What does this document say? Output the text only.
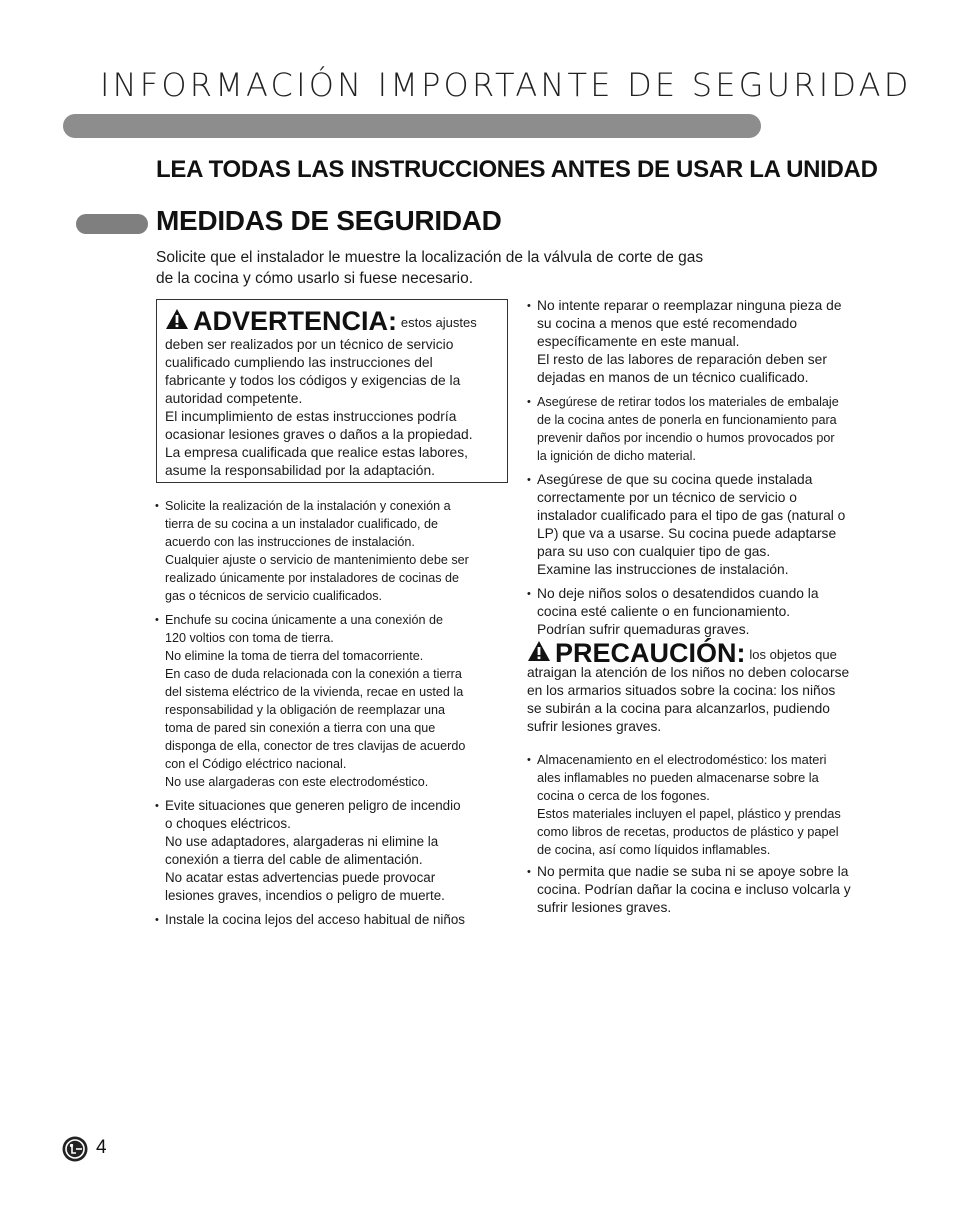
INFORMACIÓN IMPORTANTE DE SEGURIDAD
LEA TODAS LAS INSTRUCCIONES ANTES DE USAR LA UNIDAD
MEDIDAS DE SEGURIDAD
Solicite que el instalador le muestre la localización de la válvula de corte de gas
de la cocina y cómo usarlo si fuese necesario.
ADVERTENCIA: estos ajustes
deben ser realizados por un técnico de servicio
cualificado cumpliendo las instrucciones del
fabricante y todos los códigos y exigencias de la
autoridad competente.
El incumplimiento de estas instrucciones podría
ocasionar lesiones graves o daños a la propiedad.
La empresa cualificada que realice estas labores,
asume la responsabilidad por la adaptación.
• Solicite la realización de la instalación y conexión a
tierra de su cocina a un instalador cualificado, de
acuerdo con las instrucciones de instalación.
Cualquier ajuste o servicio de mantenimiento debe ser
realizado únicamente por instaladores de cocinas de
gas o técnicos de servicio cualificados.
• Enchufe su cocina únicamente a una conexión de
120 voltios con toma de tierra.
No elimine la toma de tierra del tomacorriente.
En caso de duda relacionada con la conexión a tierra
del sistema eléctrico de la vivienda, recae en usted la
responsabilidad y la obligación de reemplazar una
toma de pared sin conexión a tierra con una que
disponga de ella, conector de tres clavijas de acuerdo
con el Código eléctrico nacional.
No use alargaderas con este electrodoméstico.
• Evite situaciones que generen peligro de incendio
o choques eléctricos.
No use adaptadores, alargaderas ni elimine la
conexión a tierra del cable de alimentación.
No acatar estas advertencias puede provocar
lesiones graves, incendios o peligro de muerte.
• Instale la cocina lejos del acceso habitual de niños
• No intente reparar o reemplazar ninguna pieza de
su cocina a menos que esté recomendado
específicamente en este manual.
El resto de las labores de reparación deben ser
dejadas en manos de un técnico cualificado.
• Asegúrese de retirar todos los materiales de embalaje
de la cocina antes de ponerla en funcionamiento para
prevenir daños por incendio o humos provocados por
la ignición de dicho material.
• Asegúrese de que su cocina quede instalada
correctamente por un técnico de servicio o
instalador cualificado para el tipo de gas (natural o
LP) que va a usarse. Su cocina puede adaptarse
para su uso con cualquier tipo de gas.
Examine las instrucciones de instalación.
• No deje niños solos o desatendidos cuando la
cocina esté caliente o en funcionamiento.
Podrían sufrir quemaduras graves.
PRECAUCIÓN: los objetos que
atraigan la atención de los niños no deben colocarse
en los armarios situados sobre la cocina: los niños
se subirán a la cocina para alcanzarlos, pudiendo
sufrir lesiones graves.
• Almacenamiento en el electrodoméstico: los materi
ales inflamables no pueden almacenarse sobre la
cocina o cerca de los fogones.
Estos materiales incluyen el papel, plástico y prendas
como libros de recetas, productos de plástico y papel
de cocina, así como líquidos inflamables.
• No permita que nadie se suba ni se apoye sobre la
cocina. Podrían dañar la cocina e incluso volcarla y
sufrir lesiones graves.
4
